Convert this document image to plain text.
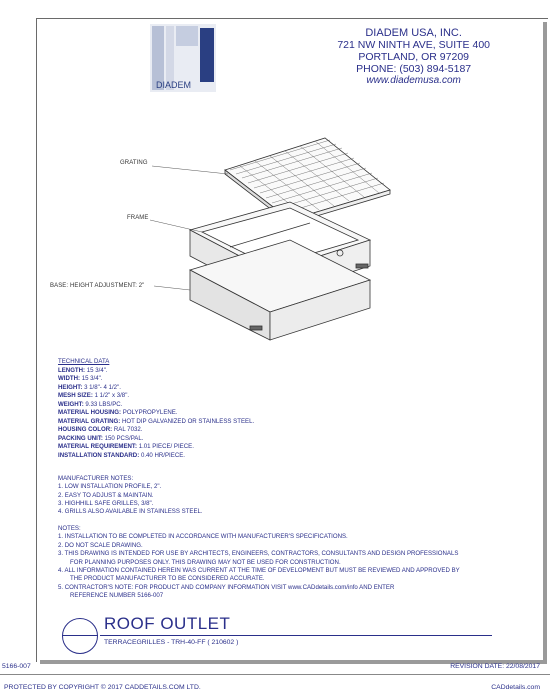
DIADEM
DIADEM USA, INC.
721 NW NINTH AVE, SUITE 400
PORTLAND, OR 97209
PHONE: (503) 894-5187
www.diademusa.com
GRATING
FRAME
BASE: HEIGHT ADJUSTMENT: 2"
TECHNICAL DATA
LENGTH: 15 3/4".
WIDTH: 15 3/4".
HEIGHT: 3 1/8"- 4 1/2".
MESH SIZE: 1 1/2" x 3/8".
WEIGHT: 9.33 LBS/PC.
MATERIAL HOUSING: POLYPROPYLENE.
MATERIAL GRATING: HOT DIP GALVANIZED OR STAINLESS STEEL.
HOUSING COLOR: RAL 7032.
PACKING UNIT: 150 PCS/PAL.
MATERIAL REQUIREMENT: 1.01 PIECE/ PIECE.
INSTALLATION STANDARD: 0.40 HR/PIECE.
MANUFACTURER NOTES:
1. LOW INSTALLATION PROFILE, 2".
2. EASY TO ADJUST & MAINTAIN.
3. HIGHHILL SAFE GRILLES, 3/8".
4. GRILLS ALSO AVAILABLE IN STAINLESS STEEL.
NOTES:
1. INSTALLATION TO BE COMPLETED IN ACCORDANCE WITH MANUFACTURER'S SPECIFICATIONS.
2. DO NOT SCALE DRAWING.
3. THIS DRAWING IS INTENDED FOR USE BY ARCHITECTS, ENGINEERS, CONTRACTORS, CONSULTANTS AND DESIGN PROFESSIONALS
FOR PLANNING PURPOSES ONLY. THIS DRAWING MAY NOT BE USED FOR CONSTRUCTION.
4. ALL INFORMATION CONTAINED HEREIN WAS CURRENT AT THE TIME OF DEVELOPMENT BUT MUST BE REVIEWED AND APPROVED BY
THE PRODUCT MANUFACTURER TO BE CONSIDERED ACCURATE.
5. CONTRACTOR'S NOTE: FOR PRODUCT AND COMPANY INFORMATION VISIT www.CADdetails.com/info AND ENTER
REFERENCE NUMBER 5166-007
ROOF OUTLET
TERRACEGRILLES - TRH-40-FF ( 210602 )
5166-007	REVISION DATE: 22/08/2017
PROTECTED BY COPYRIGHT © 2017 CADDETAILS.COM LTD.	CADdetails.com
